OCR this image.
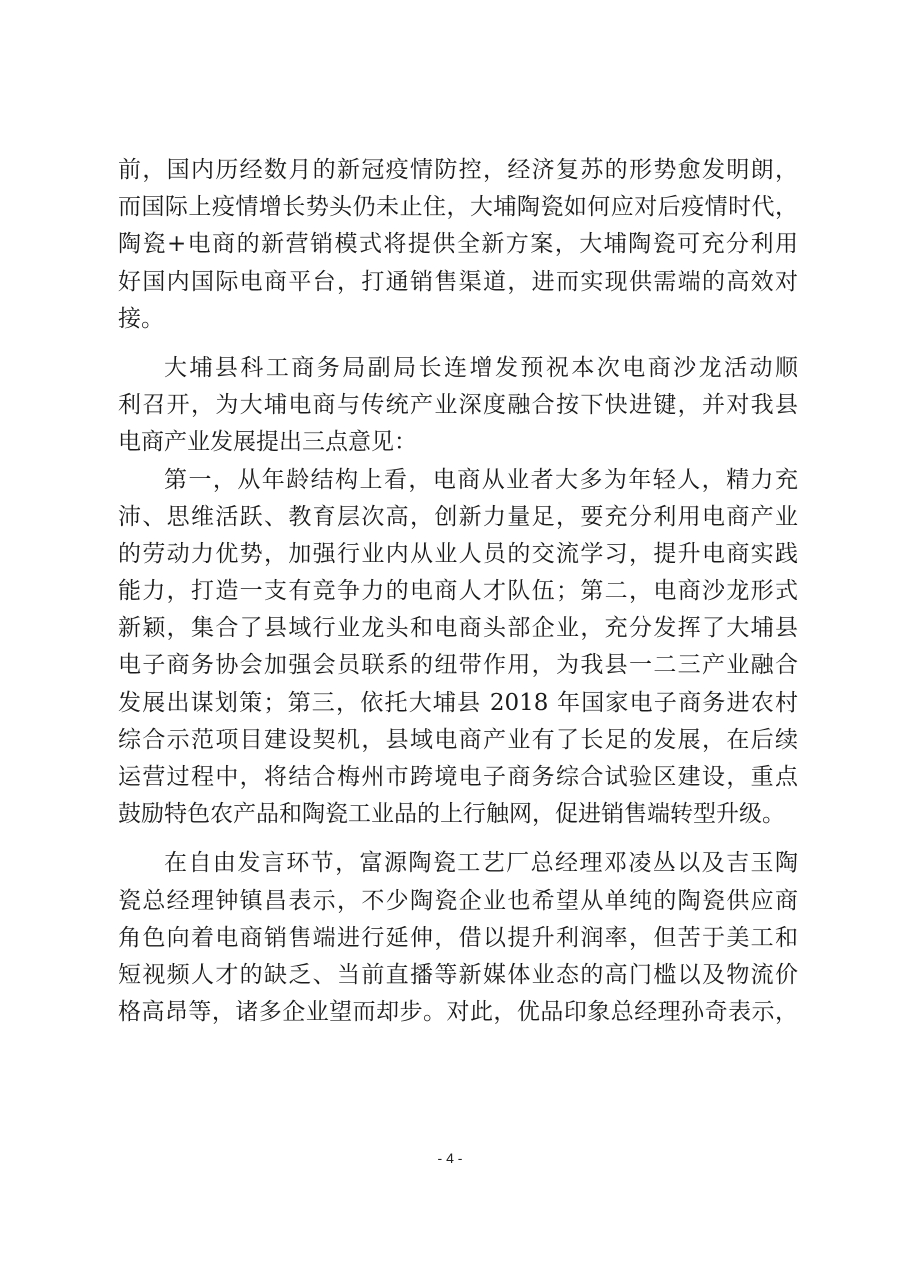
前，国内历经数月的新冠疫情防控，经济复苏的形势愈发明朗，
而国际上疫情增长势头仍未止住，大埔陶瓷如何应对后疫情时代，
陶瓷+电商的新营销模式将提供全新方案，大埔陶瓷可充分利用
好国内国际电商平台，打通销售渠道，进而实现供需端的高效对
接。
大埔县科工商务局副局长连增发预祝本次电商沙龙活动顺
利召开，为大埔电商与传统产业深度融合按下快进键，并对我县
电商产业发展提出三点意见：
第一，从年龄结构上看，电商从业者大多为年轻人，精力充
沛、思维活跃、教育层次高，创新力量足，要充分利用电商产业
的劳动力优势，加强行业内从业人员的交流学习，提升电商实践
能力，打造一支有竞争力的电商人才队伍；第二，电商沙龙形式
新颖，集合了县域行业龙头和电商头部企业，充分发挥了大埔县
电子商务协会加强会员联系的纽带作用，为我县一二三产业融合
发展出谋划策；第三，依托大埔县 2018 年国家电子商务进农村
综合示范项目建设契机，县域电商产业有了长足的发展，在后续
运营过程中，将结合梅州市跨境电子商务综合试验区建设，重点
鼓励特色农产品和陶瓷工业品的上行触网，促进销售端转型升级。
在自由发言环节，富源陶瓷工艺厂总经理邓凌丛以及吉玉陶
瓷总经理钟镇昌表示，不少陶瓷企业也希望从单纯的陶瓷供应商
角色向着电商销售端进行延伸，借以提升利润率，但苦于美工和
短视频人才的缺乏、当前直播等新媒体业态的高门槛以及物流价
格高昂等，诸多企业望而却步。对此，优品印象总经理孙奇表示，
- 4 -
